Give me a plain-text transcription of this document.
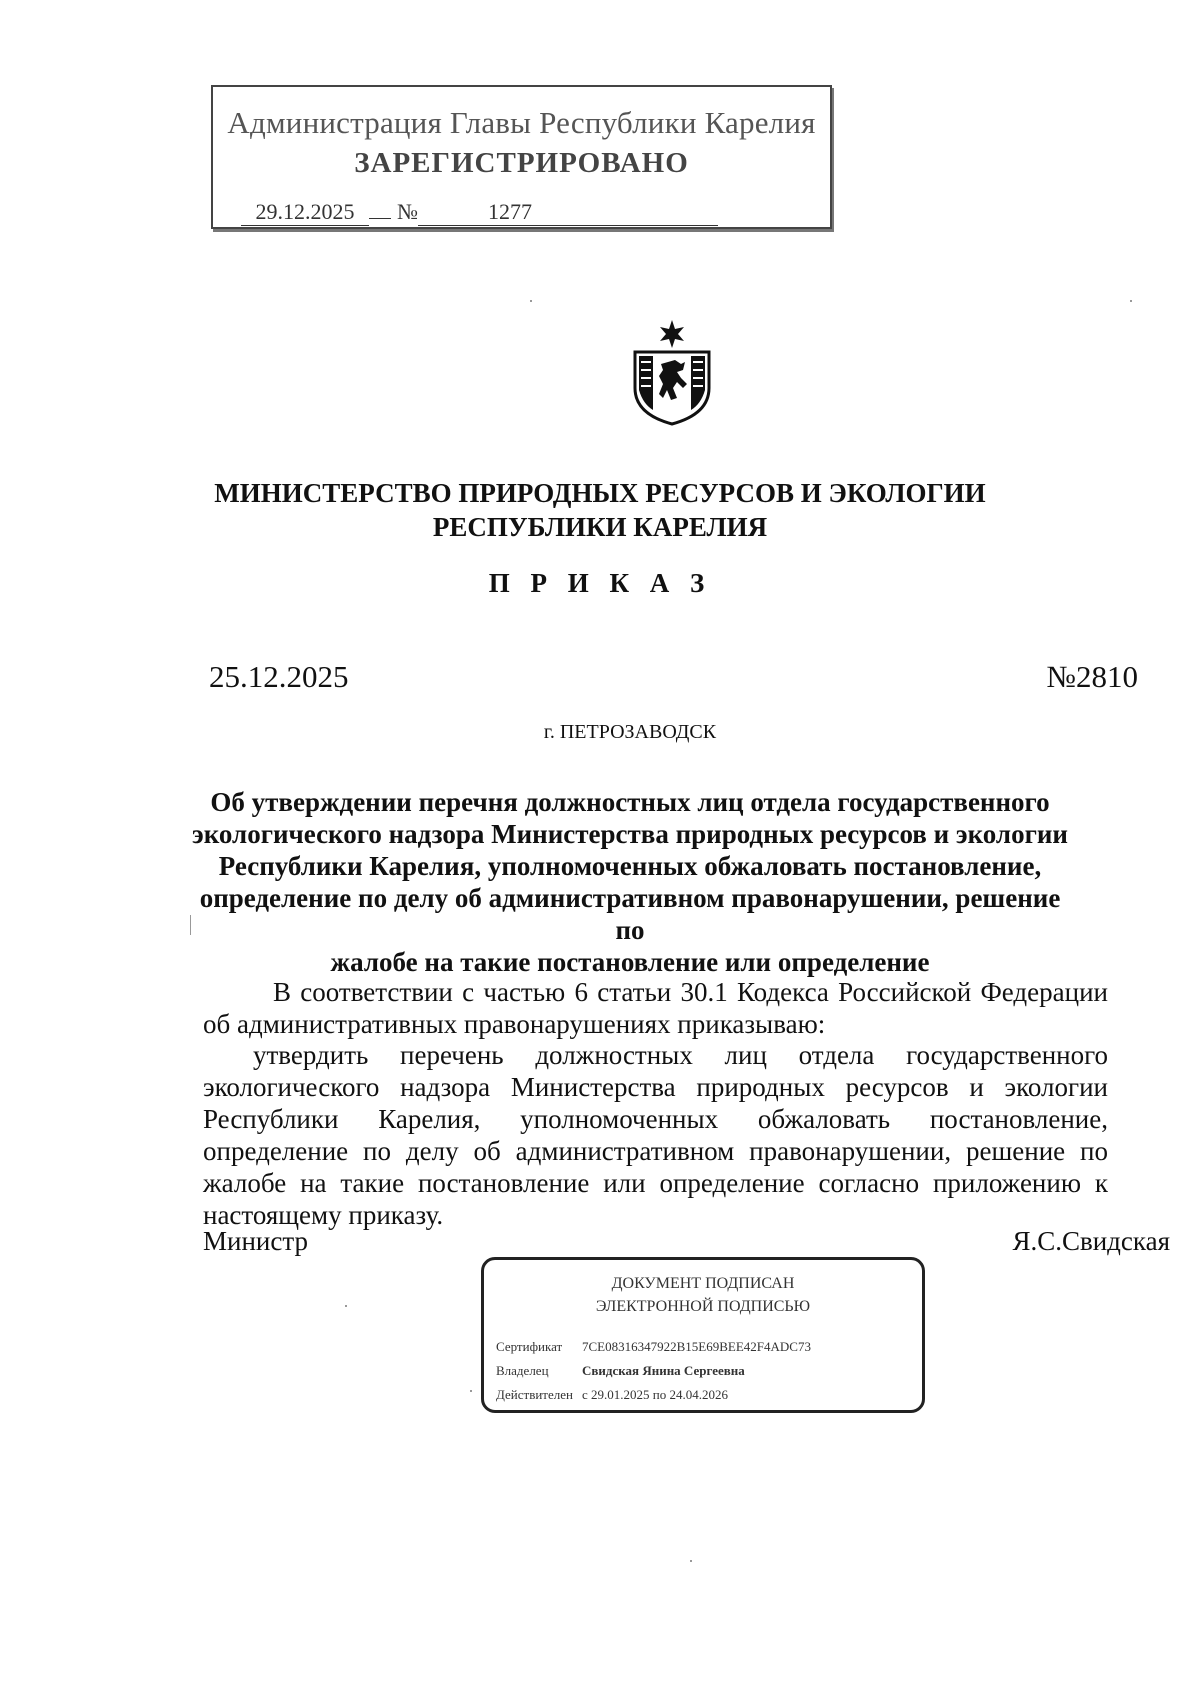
Администрация Главы Республики Карелия
ЗАРЕГИСТРИРОВАНО
29.12.2025 №	1277
МИНИСТЕРСТВО ПРИРОДНЫХ РЕСУРСОВ И ЭКОЛОГИИ
РЕСПУБЛИКИ КАРЕЛИЯ
П Р И К А З
25.12.2025	№2810
г. ПЕТРОЗАВОДСК
Об утверждении перечня должностных лиц отдела государственного
экологического надзора Министерства природных ресурсов и экологии
Республики Карелия, уполномоченных обжаловать постановление,
определение по делу об административном правонарушении, решение по
жалобе на такие постановление или определение
В соответствии с частью 6 статьи 30.1 Кодекса Российской Федерации об административных правонарушениях приказываю:
утвердить перечень должностных лиц отдела государственного экологического надзора Министерства природных ресурсов и экологии Республики Карелия, уполномоченных обжаловать постановление, определение по делу об административном правонарушении, решение по жалобе на такие постановление или определение согласно приложению к настоящему приказу.
Министр	Я.С.Свидская
ДОКУМЕНТ ПОДПИСАН
ЭЛЕКТРОННОЙ ПОДПИСЬЮ
Сертификат 7CE08316347922B15E69BEE42F4ADC73
Владелец	Свидская Янина Сергеевна
Действителен с 29.01.2025 по 24.04.2026
